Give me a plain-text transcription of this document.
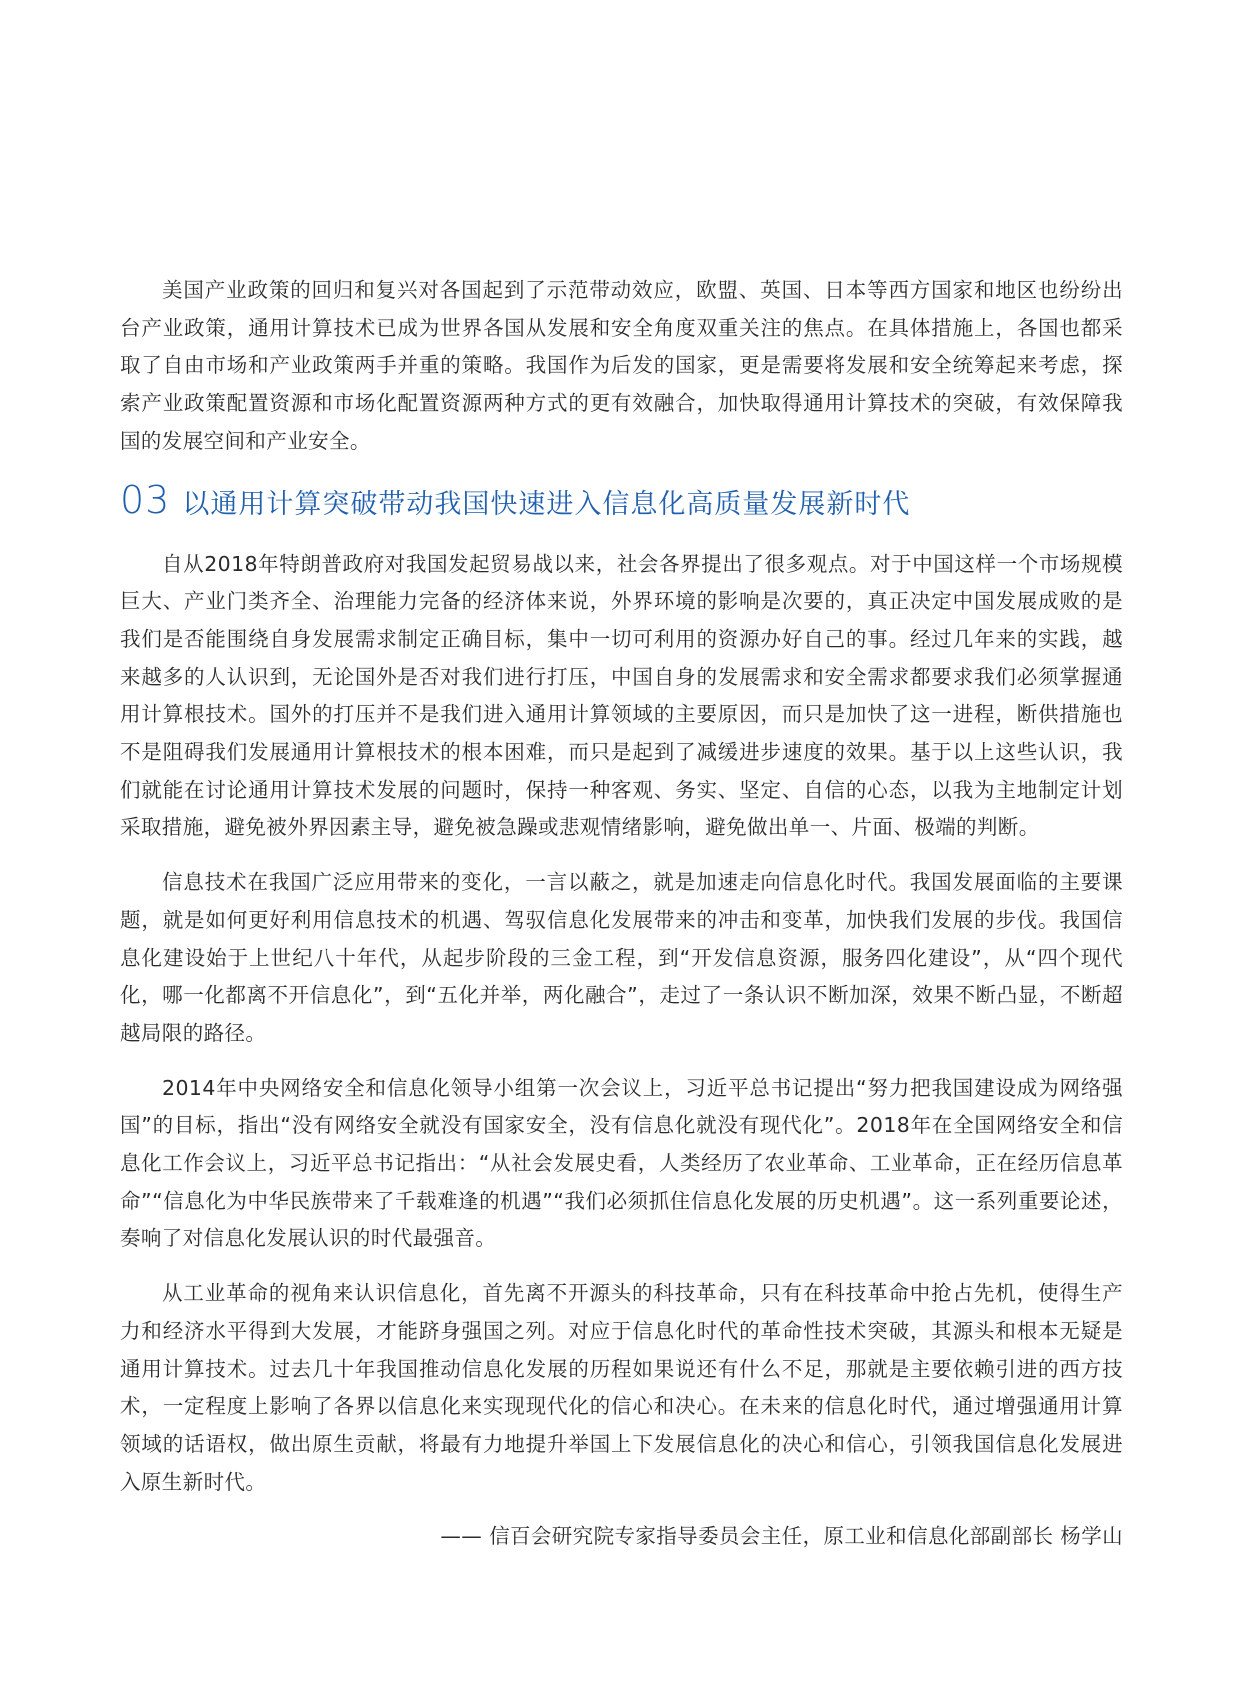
美国产业政策的回归和复兴对各国起到了示范带动效应，欧盟、英国、日本等西方国家和地区也纷纷出台产业政策，通用计算技术已成为世界各国从发展和安全角度双重关注的焦点。在具体措施上，各国也都采取了自由市场和产业政策两手并重的策略。我国作为后发的国家，更是需要将发展和安全统筹起来考虑，探索产业政策配置资源和市场化配置资源两种方式的更有效融合，加快取得通用计算技术的突破，有效保障我国的发展空间和产业安全。

03 以通用计算突破带动我国快速进入信息化高质量发展新时代

自从2018年特朗普政府对我国发起贸易战以来，社会各界提出了很多观点。对于中国这样一个市场规模巨大、产业门类齐全、治理能力完备的经济体来说，外界环境的影响是次要的，真正决定中国发展成败的是我们是否能围绕自身发展需求制定正确目标，集中一切可利用的资源办好自己的事。经过几年来的实践，越来越多的人认识到，无论国外是否对我们进行打压，中国自身的发展需求和安全需求都要求我们必须掌握通用计算根技术。国外的打压并不是我们进入通用计算领域的主要原因，而只是加快了这一进程，断供措施也不是阻碍我们发展通用计算根技术的根本困难，而只是起到了减缓进步速度的效果。基于以上这些认识，我们就能在讨论通用计算技术发展的问题时，保持一种客观、务实、坚定、自信的心态，以我为主地制定计划采取措施，避免被外界因素主导，避免被急躁或悲观情绪影响，避免做出单一、片面、极端的判断。

信息技术在我国广泛应用带来的变化，一言以蔽之，就是加速走向信息化时代。我国发展面临的主要课题，就是如何更好利用信息技术的机遇、驾驭信息化发展带来的冲击和变革，加快我们发展的步伐。我国信息化建设始于上世纪八十年代，从起步阶段的三金工程，到“开发信息资源，服务四化建设”，从“四个现代化，哪一化都离不开信息化”，到“五化并举，两化融合”，走过了一条认识不断加深，效果不断凸显，不断超越局限的路径。

2014年中央网络安全和信息化领导小组第一次会议上，习近平总书记提出“努力把我国建设成为网络强国”的目标，指出“没有网络安全就没有国家安全，没有信息化就没有现代化”。2018年在全国网络安全和信息化工作会议上，习近平总书记指出：“从社会发展史看，人类经历了农业革命、工业革命，正在经历信息革命”“信息化为中华民族带来了千载难逢的机遇”“我们必须抓住信息化发展的历史机遇”。这一系列重要论述，奏响了对信息化发展认识的时代最强音。

从工业革命的视角来认识信息化，首先离不开源头的科技革命，只有在科技革命中抢占先机，使得生产力和经济水平得到大发展，才能跻身强国之列。对应于信息化时代的革命性技术突破，其源头和根本无疑是通用计算技术。过去几十年我国推动信息化发展的历程如果说还有什么不足，那就是主要依赖引进的西方技术，一定程度上影响了各界以信息化来实现现代化的信心和决心。在未来的信息化时代，通过增强通用计算领域的话语权，做出原生贡献，将最有力地提升举国上下发展信息化的决心和信心，引领我国信息化发展进入原生新时代。

—— 信百会研究院专家指导委员会主任，原工业和信息化部副部长 杨学山
